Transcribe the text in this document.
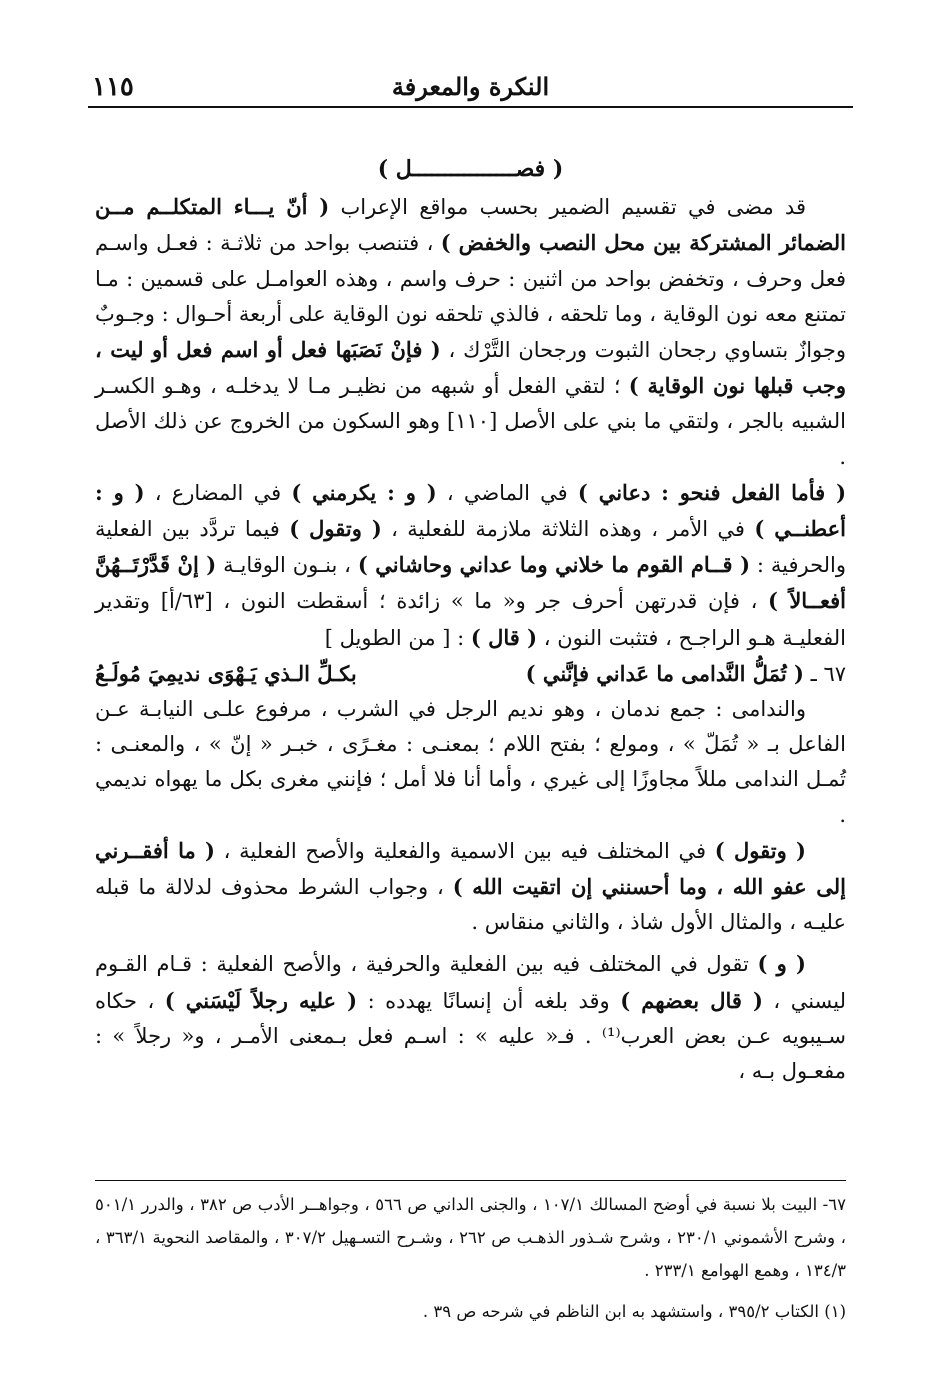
١١٥	النكرة والمعرفة
( فصــــــــــــــــل )

قد مضى في تقسيم الضمير بحسب مواقع الإعراب ( أنّ يـــاء المتكلــم مــن الضمائر المشتركة بين محل النصب والخفض ) ، فتنصب بواحد من ثلاثـة : فعـل واسـم فعل وحرف ، وتخفض بواحد من اثنين : حرف واسم ، وهذه العوامـل على قسمين : مـا تمتنع معه نون الوقاية ، وما تلحقه ، فالذي تلحقه نون الوقاية على أربعة أحـوال : وجـوبٌ وجوازٌ بتساوي رجحان الثبوت ورجحان التَّرْك ، ( فإنْ نَصَبَها فعل أو اسم فعل أو ليت ، وجب قبلها نون الوقاية ) ؛ لتقي الفعل أو شبهه من نظيـر مـا لا يدخلـه ، وهـو الكسـر الشبيه بالجر ، ولتقي ما بني على الأصل [١١٠] وهو السكون من الخروج عن ذلك الأصل .

( فأما الفعل فنحو : دعاني ) في الماضي ، ( و : يكرمني ) في المضارع ، ( و : أعطنــي ) في الأمر ، وهذه الثلاثة ملازمة للفعلية ، ( وتقول ) فيما تردَّد بين الفعلية والحرفية : ( قــام القوم ما خلاني وما عداني وحاشاني ) ، بنـون الوقايـة ( إنْ قَدَّرْتَــهُنَّ أفعــالاً ) ، فإن قدرتهن أحرف جر و« ما » زائدة ؛ أسقطت النون ، [٦٣/أ] وتقدير الفعليـة هـو الراجـح ، فتثبت النون ، ( قال ) : [ من الطويل ]

٦٧ ـ ( تُمَلُّ النَّدامى ما عَداني فإنَّني )
بكـلِّ الـذي يَـهْوَى نديمِيَ مُولَـعُ

والندامى : جمع ندمان ، وهو نديم الرجل في الشرب ، مرفوع علـى النيابـة عـن الفاعل بـ « تُمَلّ » ، ومولع ؛ بفتح اللام ؛ بمعنـى : مغـرًى ، خبـر « إنّ » ، والمعنـى : تُمـل الندامى مللاً مجاوزًا إلى غيري ، وأما أنا فلا أمل ؛ فإنني مغرى بكل ما يهواه نديمي .

( وتقول ) في المختلف فيه بين الاسمية والفعلية والأصح الفعلية ، ( ما أفقــرني إلى عفو الله ، وما أحسنني إن اتقيت الله ) ، وجواب الشرط محذوف لدلالة ما قبله عليـه ، والمثال الأول شاذ ، والثاني منقاس .

( و ) تقول في المختلف فيه بين الفعلية والحرفية ، والأصح الفعلية : قـام القـوم ليسني ، ( قال بعضهم ) وقد بلغه أن إنسانًا يهدده : ( عليه رجلاً لَيْسَني ) ، حكاه سـيبويه عـن بعض العرب⁽¹⁾ . فـ« عليه » : اسـم فعل بـمعنى الأمـر ، و« رجلاً » : مفعـول بـه ،

٦٧- البيت بلا نسبة في أوضح المسالك ١٠٧/١ ، والجنى الداني ص ٥٦٦ ، وجواهــر الأدب ص ٣٨٢ ، والدرر ٥٠١/١ ، وشرح الأشموني ٢٣٠/١ ، وشرح شـذور الذهـب ص ٢٦٢ ، وشـرح التسـهيل ٣٠٧/٢ ، والمقاصد النحوية ٣٦٣/١ ، ١٣٤/٣ ، وهمع الهوامع ٢٣٣/١ .

(١) الكتاب ٣٩٥/٢ ، واستشهد به ابن الناظم في شرحه ص ٣٩ .
